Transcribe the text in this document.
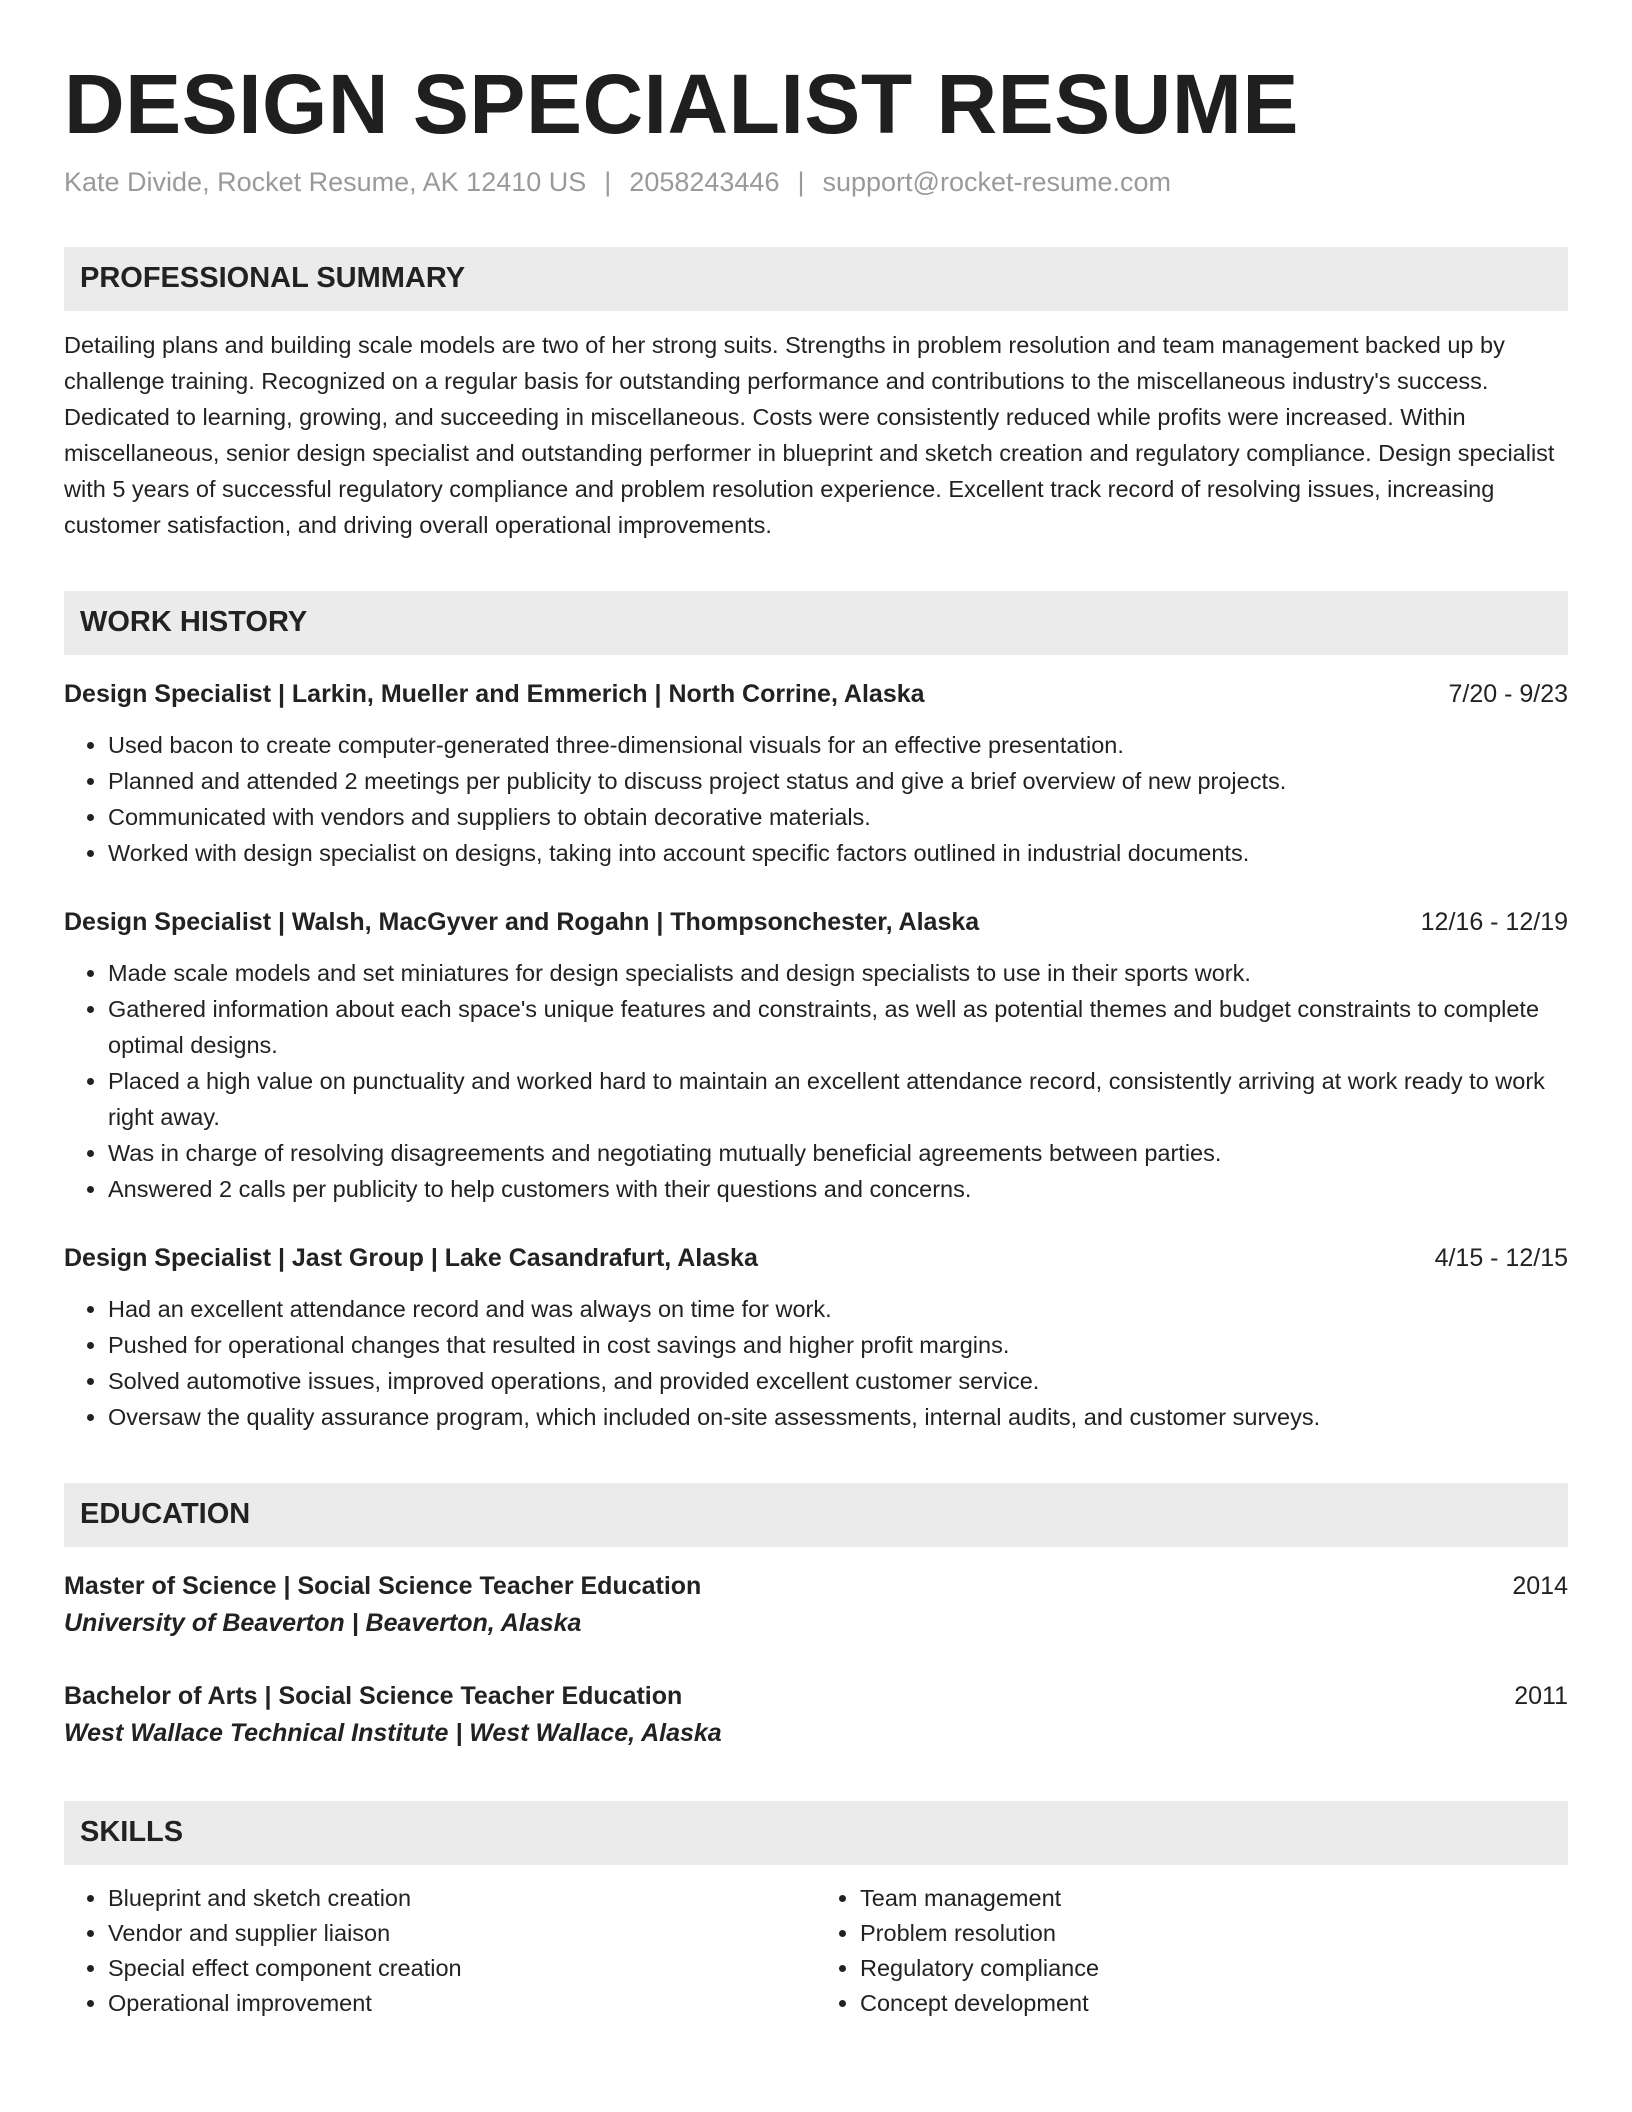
DESIGN SPECIALIST RESUME
Kate Divide, Rocket Resume, AK 12410 US | 2058243446 | support@rocket-resume.com
PROFESSIONAL SUMMARY

Detailing plans and building scale models are two of her strong suits. Strengths in problem resolution and team management backed up by challenge training. Recognized on a regular basis for outstanding performance and contributions to the miscellaneous industry's success. Dedicated to learning, growing, and succeeding in miscellaneous. Costs were consistently reduced while profits were increased. Within miscellaneous, senior design specialist and outstanding performer in blueprint and sketch creation and regulatory compliance. Design specialist with 5 years of successful regulatory compliance and problem resolution experience. Excellent track record of resolving issues, increasing customer satisfaction, and driving overall operational improvements.

WORK HISTORY
Design Specialist | Larkin, Mueller and Emmerich | North Corrine, Alaska	7/20 - 9/23
• Used bacon to create computer-generated three-dimensional visuals for an effective presentation.
• Planned and attended 2 meetings per publicity to discuss project status and give a brief overview of new projects.
• Communicated with vendors and suppliers to obtain decorative materials.
• Worked with design specialist on designs, taking into account specific factors outlined in industrial documents.
Design Specialist | Walsh, MacGyver and Rogahn | Thompsonchester, Alaska	12/16 - 12/19
• Made scale models and set miniatures for design specialists and design specialists to use in their sports work.
• Gathered information about each space's unique features and constraints, as well as potential themes and budget constraints to complete optimal designs.
• Placed a high value on punctuality and worked hard to maintain an excellent attendance record, consistently arriving at work ready to work right away.
• Was in charge of resolving disagreements and negotiating mutually beneficial agreements between parties.
• Answered 2 calls per publicity to help customers with their questions and concerns.
Design Specialist | Jast Group | Lake Casandrafurt, Alaska	4/15 - 12/15
• Had an excellent attendance record and was always on time for work.
• Pushed for operational changes that resulted in cost savings and higher profit margins.
• Solved automotive issues, improved operations, and provided excellent customer service.
• Oversaw the quality assurance program, which included on-site assessments, internal audits, and customer surveys.
EDUCATION
Master of Science | Social Science Teacher Education	2014
University of Beaverton | Beaverton, Alaska
Bachelor of Arts | Social Science Teacher Education	2011
West Wallace Technical Institute | West Wallace, Alaska
SKILLS
• Blueprint and sketch creation
• Vendor and supplier liaison
• Special effect component creation
• Operational improvement
• Team management
• Problem resolution
• Regulatory compliance
• Concept development
